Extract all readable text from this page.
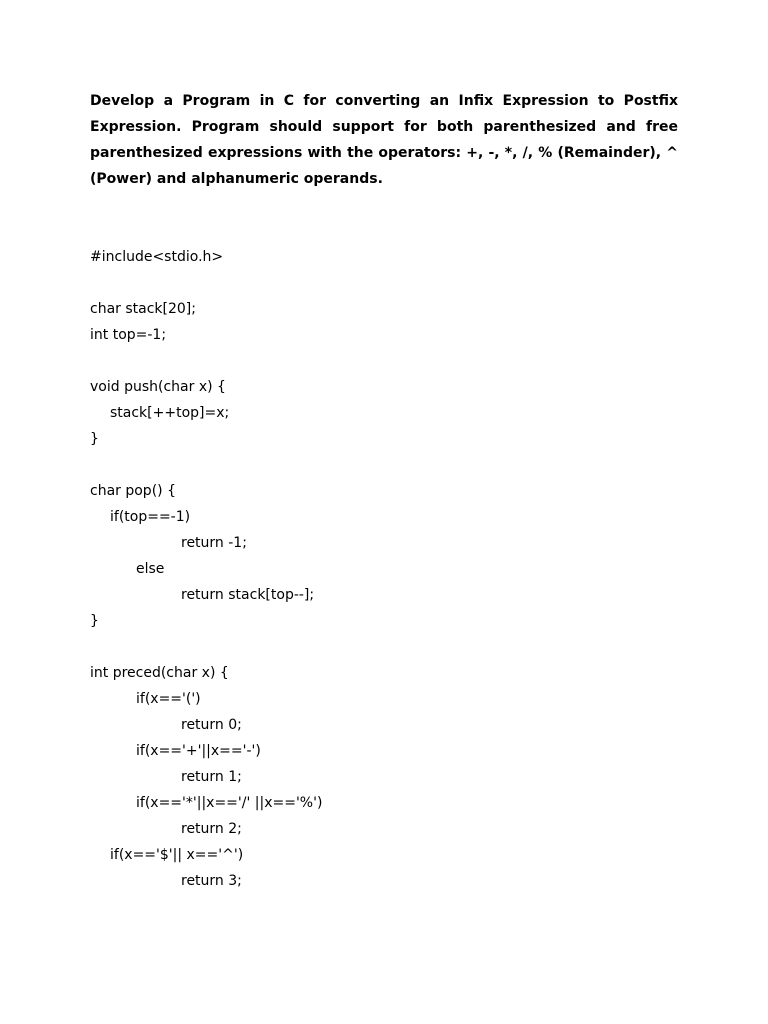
Develop a Program in C for converting an Infix Expression to Postfix Expression. Program should support for both parenthesized and free parenthesized expressions with the operators: +, -, *, /, % (Remainder), ^ (Power) and alphanumeric operands.

#include<stdio.h>
char stack[20];
int top=-1;
void push(char x) {
stack[++top]=x;
}
char pop() {
if(top==-1)
return -1;
else
return stack[top--];
}
int preced(char x) {
if(x=='(')
return 0;
if(x=='+'||x=='-')
return 1;
if(x=='*'||x=='/' ||x=='%')
return 2;
if(x=='$'|| x=='^')
return 3;
